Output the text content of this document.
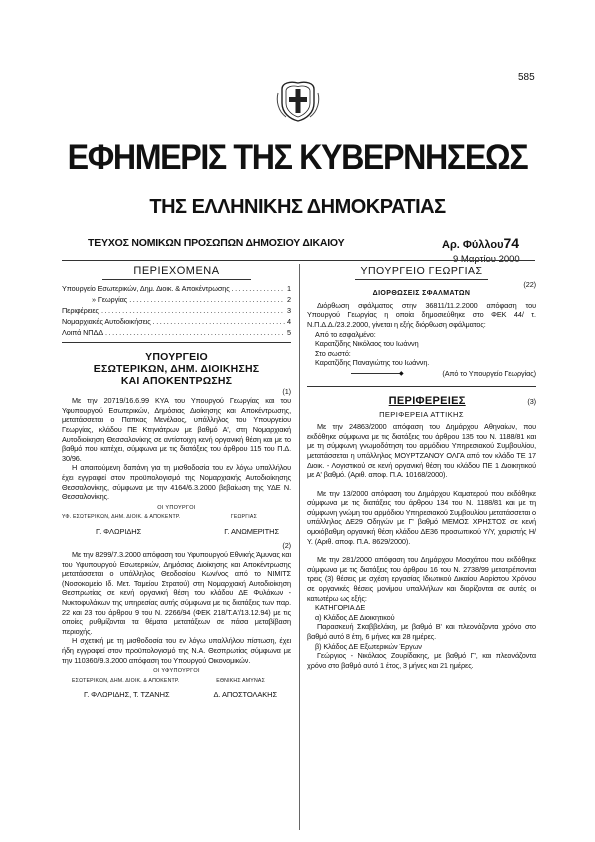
585
ΕΦΗΜΕΡΙΣ ΤΗΣ ΚΥΒΕΡΝΗΣΕΩΣ
ΤΗΣ ΕΛΛΗΝΙΚΗΣ ΔΗΜΟΚΡΑΤΙΑΣ
ΤΕΥΧΟΣ ΝΟΜΙΚΩΝ ΠΡΟΣΩΠΩΝ ΔΗΜΟΣΙΟΥ ΔΙΚΑΙΟΥ	Αρ. Φύλλου74
9 Μαρτίου 2000
ΠΕΡΙΕΧΟΜΕΝΑ
Υπουργείο Εσωτερικών, Δημ. Διοικ. & Αποκέντρωσης .....	1
» Γεωργίας .....	2
Περιφέρειες .....	3
Νομαρχιακές Αυτοδιοικήσεις .....	4
Λοιπά ΝΠΔΔ .....	5
ΥΠΟΥΡΓΕΙΟ
ΕΣΩΤΕΡΙΚΩΝ, ΔΗΜ. ΔΙΟΙΚΗΣΗΣ
ΚΑΙ ΑΠΟΚΕΝΤΡΩΣΗΣ
(1)

Με την 20719/16.6.99 ΚΥΑ του Υπουργού Γεωργίας και του Υφυπουργού Εσωτερικών, Δημόσιας Διοίκησης και Αποκέντρωσης, μετατάσσεται ο Παπκας Μενέλαος, υπάλληλος του Υπουργείου Γεωργίας, κλάδου ΠΕ Κτηνιάτρων με βαθμό Α', στη Νομαρχιακή Αυτοδιοίκηση Θεσσαλονίκης σε αντίστοιχη κενή οργανική θέση και με το βαθμό που κατέχει, σύμφωνα με τις διατάξεις του άρθρου 115 του Π.Δ. 30/96.

Η απαιτούμενη δαπάνη για τη μισθοδοσία του εν λόγω υπαλλήλου έχει εγγραφεί στον προϋπολογισμό της Νομαρχιακής Αυτοδιοίκησης Θεσσαλονίκης, σύμφωνα με την 4164/6.3.2000 βεβαίωση της ΥΔΕ Ν. Θεσσαλονίκης.

ΟΙ ΥΠΟΥΡΓΟΙ
ΥΦ. ΕΣΩΤΕΡΙΚΩΝ, ΔΗΜ. ΔΙΟΙΚ. & ΑΠΟΚΕΝΤΡ.	ΓΕΩΡΓΙΑΣ
Γ. ΦΛΩΡΙΔΗΣ	Γ. ΑΝΩΜΕΡΙΤΗΣ
(2)

Με την 8299/7.3.2000 απόφαση του Υφυπουργού Εθνικής Άμυνας και του Υφυπουργού Εσωτερικών, Δημόσιας Διοίκησης και Αποκέντρωσης μετατάσσεται ο υπάλληλος Θεοδοσίου Κων/νος από το ΝΙΜΙΤΣ (Νοσοκομείο Ιδ. Μετ. Ταμείου Στρατού) στη Νομαρχιακή Αυτοδιοίκηση Θεσπρωτίας σε κενή οργανική θέση του κλάδου ΔΕ Φυλάκων - Νυκτοφυλάκων της υπηρεσίας αυτής σύμφωνα με τις διατάξεις των παρ. 22 και 23 του άρθρου 9 του Ν. 2266/94 (ΦΕΚ 218/Τ.Α'/13.12.94) με τις οποίες ρυθμίζονται τα θέματα μετατάξεων σε πάσα μεταβίβαση περιοχής.

Η σχετική με τη μισθοδοσία του εν λόγω υπαλλήλου πίστωση, έχει ήδη εγγραφεί στον προϋπολογισμό της Ν.Α. Θεσπρωτίας σύμφωνα με την 110360/9.3.2000 απόφαση του Υπουργού Οικονομικών.

ΟΙ ΥΦΥΠΟΥΡΓΟΙ
ΕΣΩΤΕΡΙΚΩΝ, ΔΗΜ. ΔΙΟΙΚ. & ΑΠΟΚΕΝΤΡ.	ΕΘΝΙΚΗΣ ΑΜΥΝΑΣ
Γ. ΦΛΩΡΙΔΗΣ, Τ. ΤΖΑΝΗΣ	Δ. ΑΠΟΣΤΟΛΑΚΗΣ
ΥΠΟΥΡΓΕΙΟ ΓΕΩΡΓΙΑΣ
(22)
ΔΙΟΡΘΩΣΕΙΣ ΣΦΑΛΜΑΤΩΝ

Διόρθωση σφάλματος στην 36811/11.2.2000 απόφαση του Υπουργού Γεωργίας η οποία δημοσιεύθηκε στο ΦΕΚ 44/ τ. Ν.Π.Δ.Δ./23.2.2000, γίνεται η εξής διόρθωση σφάλματος:

Από το εσφαλμένο:
Καρατζίδης Νικόλαος του Ιωάννη
Στο σωστό:
Καρατζίδης Παναγιώτης του Ιωάννη.
◆	(Από το Υπουργείο Γεωργίας)
ΠΕΡΙΦΕΡΕΙΕΣ	(3)
ΠΕΡΙΦΕΡΕΙΑ ΑΤΤΙΚΗΣ

Με την 24863/2000 απόφαση του Δημάρχου Αθηναίων, που εκδόθηκε σύμφωνα με τις διατάξεις του άρθρου 135 του Ν. 1188/81 και με τη σύμφωνη γνωμοδότηση του αρμόδιου Υπηρεσιακού Συμβουλίου, μετατάσσεται η υπάλληλος ΜΟΥΡΤΖΑΝΟΥ ΟΛΓΑ από τον κλάδο ΤΕ 17 Διοικ. - Λογιστικού σε κενή οργανική θέση του κλάδου ΠΕ 1 Διοικητικού με Α' βαθμό. (Αριθ. αποφ. Π.Α. 10168/2000).

Με την 13/2000 απόφαση του Δημάρχου Καματερού που εκδόθηκε σύμφωνα με τις διατάξεις του άρθρου 134 του Ν. 1188/81 και με τη σύμφωνη γνώμη του αρμόδιου Υπηρεσιακού Συμβουλίου μετατάσσεται ο υπάλληλος ΔΕ29 Οδηγών με Γ' βαθμό ΜΕΜΟΣ ΧΡΗΣΤΟΣ σε κενή ομοιόβαθμη οργανική θέση κλάδου ΔΕ36 προσωπικού Υ/Υ, χειριστής Η/Υ. (Αριθ. αποφ. Π.Α. 8629/2000).

Με την 281/2000 απόφαση του Δημάρχου Μοσχάτου που εκδόθηκε σύμφωνα με τις διατάξεις του άρθρου 16 του Ν. 2738/99 μετατρέπονται τρεις (3) θέσεις με σχέση εργασίας Ιδιωτικού Δικαίου Αορίστου Χρόνου σε οργανικές θέσεις μονίμου υπαλλήλων και διορίζονται σε αυτές οι κατωτέρω ως εξής:

ΚΑΤΗΓΟΡΙΑ ΔΕ
α) Κλάδος ΔΕ Διοικητικού

Παρασκευή Σκαββελάκη, με βαθμό Β' και πλεονάζοντα χρόνο στο βαθμό αυτό 8 έτη, 6 μήνες και 28 ημέρες.

β) Κλάδος ΔΕ Εξωτερικών Έργων

Γεώργιος - Νικόλαος Ζουρίδακης, με βαθμό Γ', και πλεονάζοντα χρόνο στο βαθμό αυτό 1 έτος, 3 μήνες και 21 ημέρες.
